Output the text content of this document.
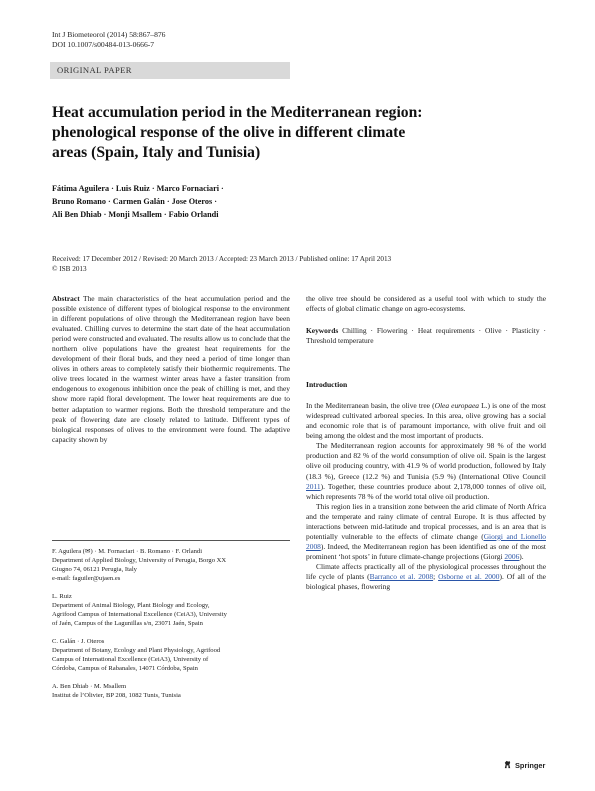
Int J Biometeorol (2014) 58:867–876
DOI 10.1007/s00484-013-0666-7
ORIGINAL PAPER
Heat accumulation period in the Mediterranean region:
phenological response of the olive in different climate
areas (Spain, Italy and Tunisia)
Fátima Aguilera · Luis Ruiz · Marco Fornaciari ·
Bruno Romano · Carmen Galán · Jose Oteros ·
Ali Ben Dhiab · Monji Msallem · Fabio Orlandi
Received: 17 December 2012 / Revised: 20 March 2013 / Accepted: 23 March 2013 / Published online: 17 April 2013
© ISB 2013

Abstract The main characteristics of the heat accumulation period and the possible existence of different types of biological response to the environment in different populations of olive through the Mediterranean region have been evaluated. Chilling curves to determine the start date of the heat accumulation period were constructed and evaluated. The results allow us to conclude that the northern olive populations have the greatest heat requirements for the development of their floral buds, and they need a period of time longer than olives in others areas to completely satisfy their biothermic requirements. The olive trees located in the warmest winter areas have a faster transition from endogenous to exogenous inhibition once the peak of chilling is met, and they show more rapid floral development. The lower heat requirements are due to better adaptation to warmer regions. Both the threshold temperature and the peak of flowering date are closely related to latitude. Different types of biological responses of olives to the environment were found. The adaptive capacity shown by

F. Aguilera (✉) · M. Fornaciari · B. Romano · F. Orlandi
Department of Applied Biology, University of Perugia, Borgo XX
Giugno 74, 06121 Perugia, Italy
e-mail: faguiler@ujaen.es

L. Ruiz
Department of Animal Biology, Plant Biology and Ecology,
Agrifood Campus of International Excellence (CeiA3), University
of Jaén, Campus of the Lagunillas s/n, 23071 Jaén, Spain

C. Galán · J. Oteros
Department of Botany, Ecology and Plant Physiology, Agrifood
Campus of International Excellence (CeiA3), University of
Córdoba, Campus of Rabanales, 14071 Córdoba, Spain

A. Ben Dhiab · M. Msallem
Institut de l’Olivier, BP 208, 1082 Tunis, Tunisia

the olive tree should be considered as a useful tool with which to study the effects of global climatic change on agro-ecosystems.

Keywords Chilling · Flowering · Heat requirements · Olive · Plasticity · Threshold temperature

Introduction

In the Mediterranean basin, the olive tree (Olea europaea L.) is one of the most widespread cultivated arboreal species. In this area, olive growing has a social and economic role that is of paramount importance, with olive fruit and oil being among the oldest and the most important of products.

The Mediterranean region accounts for approximately 98 % of the world production and 82 % of the world consumption of olive oil. Spain is the largest olive oil producing country, with 41.9 % of world production, followed by Italy (18.3 %), Greece (12.2 %) and Tunisia (5.9 %) (International Olive Council 2011). Together, these countries produce about 2,178,000 tonnes of olive oil, which represents 78 % of the world total olive oil production.

This region lies in a transition zone between the arid climate of North Africa and the temperate and rainy climate of central Europe. It is thus affected by interactions between mid-latitude and tropical processes, and is an area that is potentially vulnerable to the effects of climate change (Giorgi and Lionello 2008). Indeed, the Mediterranean region has been identified as one of the most prominent ‘hot spots’ in future climate-change projections (Giorgi 2006).

Climate affects practically all of the physiological processes throughout the life cycle of plants (Barranco et al. 2008; Osborne et al. 2000). Of all of the biological phases, flowering

Springer
